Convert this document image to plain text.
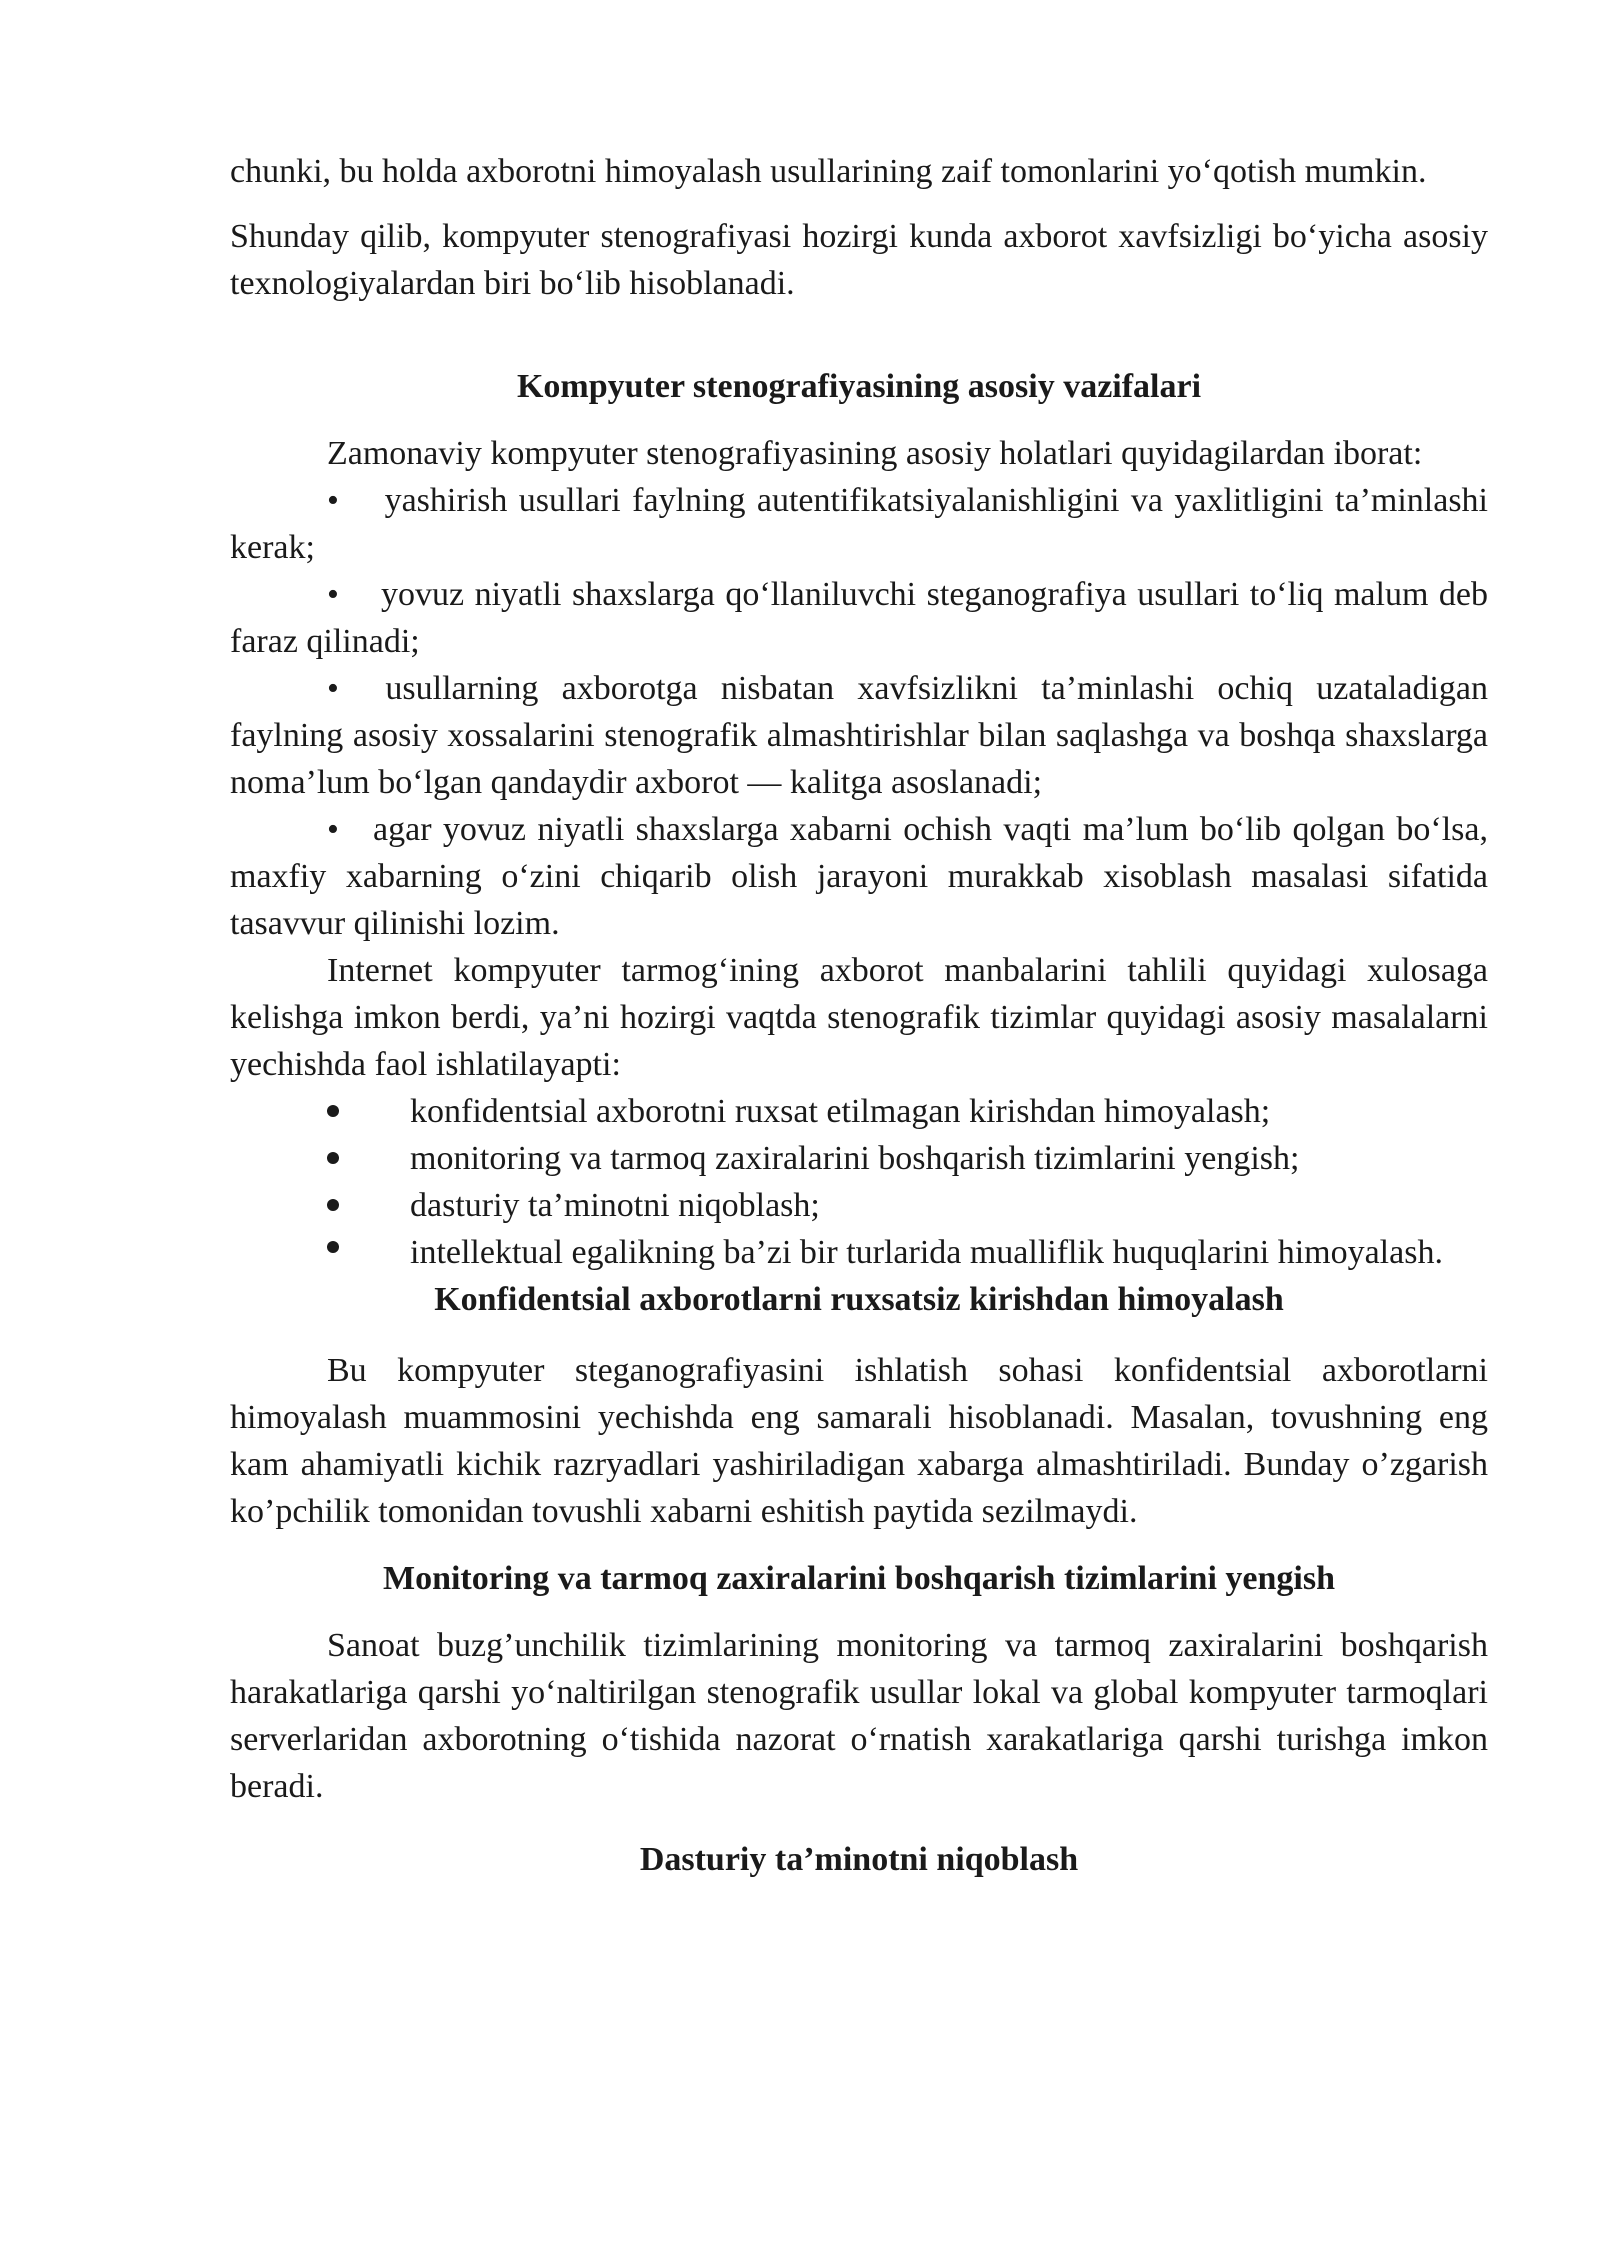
chunki, bu holda axborotni himoyalash usullarining zaif tomonlarini yo‘qotish mumkin.

Shunday qilib, kompyuter stenografiyasi hozirgi kunda axborot xavfsizligi bo‘yicha asosiy texnologiyalardan biri bo‘lib hisoblanadi.

Kompyuter stenografiyasining asosiy vazifalari

Zamonaviy kompyuter stenografiyasining asosiy holatlari quyidagilardan iborat:

• yashirish usullari faylning autentifikatsiyalanishligini va yaxlitligini ta’minlashi kerak;

• yovuz niyatli shaxslarga qo‘llaniluvchi steganografiya usullari to‘liq malum deb faraz qilinadi;

• usullarning axborotga nisbatan xavfsizlikni ta’minlashi ochiq uzataladigan faylning asosiy xossalarini stenografik almashtirishlar bilan saqlashga va boshqa shaxslarga noma’lum bo‘lgan qandaydir axborot — kalitga asoslanadi;

• agar yovuz niyatli shaxslarga xabarni ochish vaqti ma’lum bo‘lib qolgan bo‘lsa, maxfiy xabarning o‘zini chiqarib olish jarayoni murakkab xisoblash masalasi sifatida tasavvur qilinishi lozim.

Internet kompyuter tarmog‘ining axborot manbalarini tahlili quyidagi xulosaga kelishga imkon berdi, ya’ni hozirgi vaqtda stenografik tizimlar quyidagi asosiy masalalarni yechishda faol ishlatilayapti:

konfidentsial axborotni ruxsat etilmagan kirishdan himoyalash;
monitoring va tarmoq zaxiralarini boshqarish tizimlarini yengish;
dasturiy ta’minotni niqoblash;

intellektual egalikning ba’zi bir turlarida mualliflik huquqlarini himoyalash.

Konfidentsial axborotlarni ruxsatsiz kirishdan himoyalash

Bu kompyuter steganografiyasini ishlatish sohasi konfidentsial axborotlarni himoyalash muammosini yechishda eng samarali hisoblanadi. Masalan, tovushning eng kam ahamiyatli kichik razryadlari yashiriladigan xabarga almashtiriladi. Bunday o’zgarish ko’pchilik tomonidan tovushli xabarni eshitish paytida sezilmaydi.

Monitoring va tarmoq zaxiralarini boshqarish tizimlarini yengish

Sanoat buzg’unchilik tizimlarining monitoring va tarmoq zaxiralarini boshqarish harakatlariga qarshi yo‘naltirilgan stenografik usullar lokal va global kompyuter tarmoqlari serverlaridan axborotning o‘tishida nazorat o‘rnatish xarakatlariga qarshi turishga imkon beradi.

Dasturiy ta’minotni niqoblash
